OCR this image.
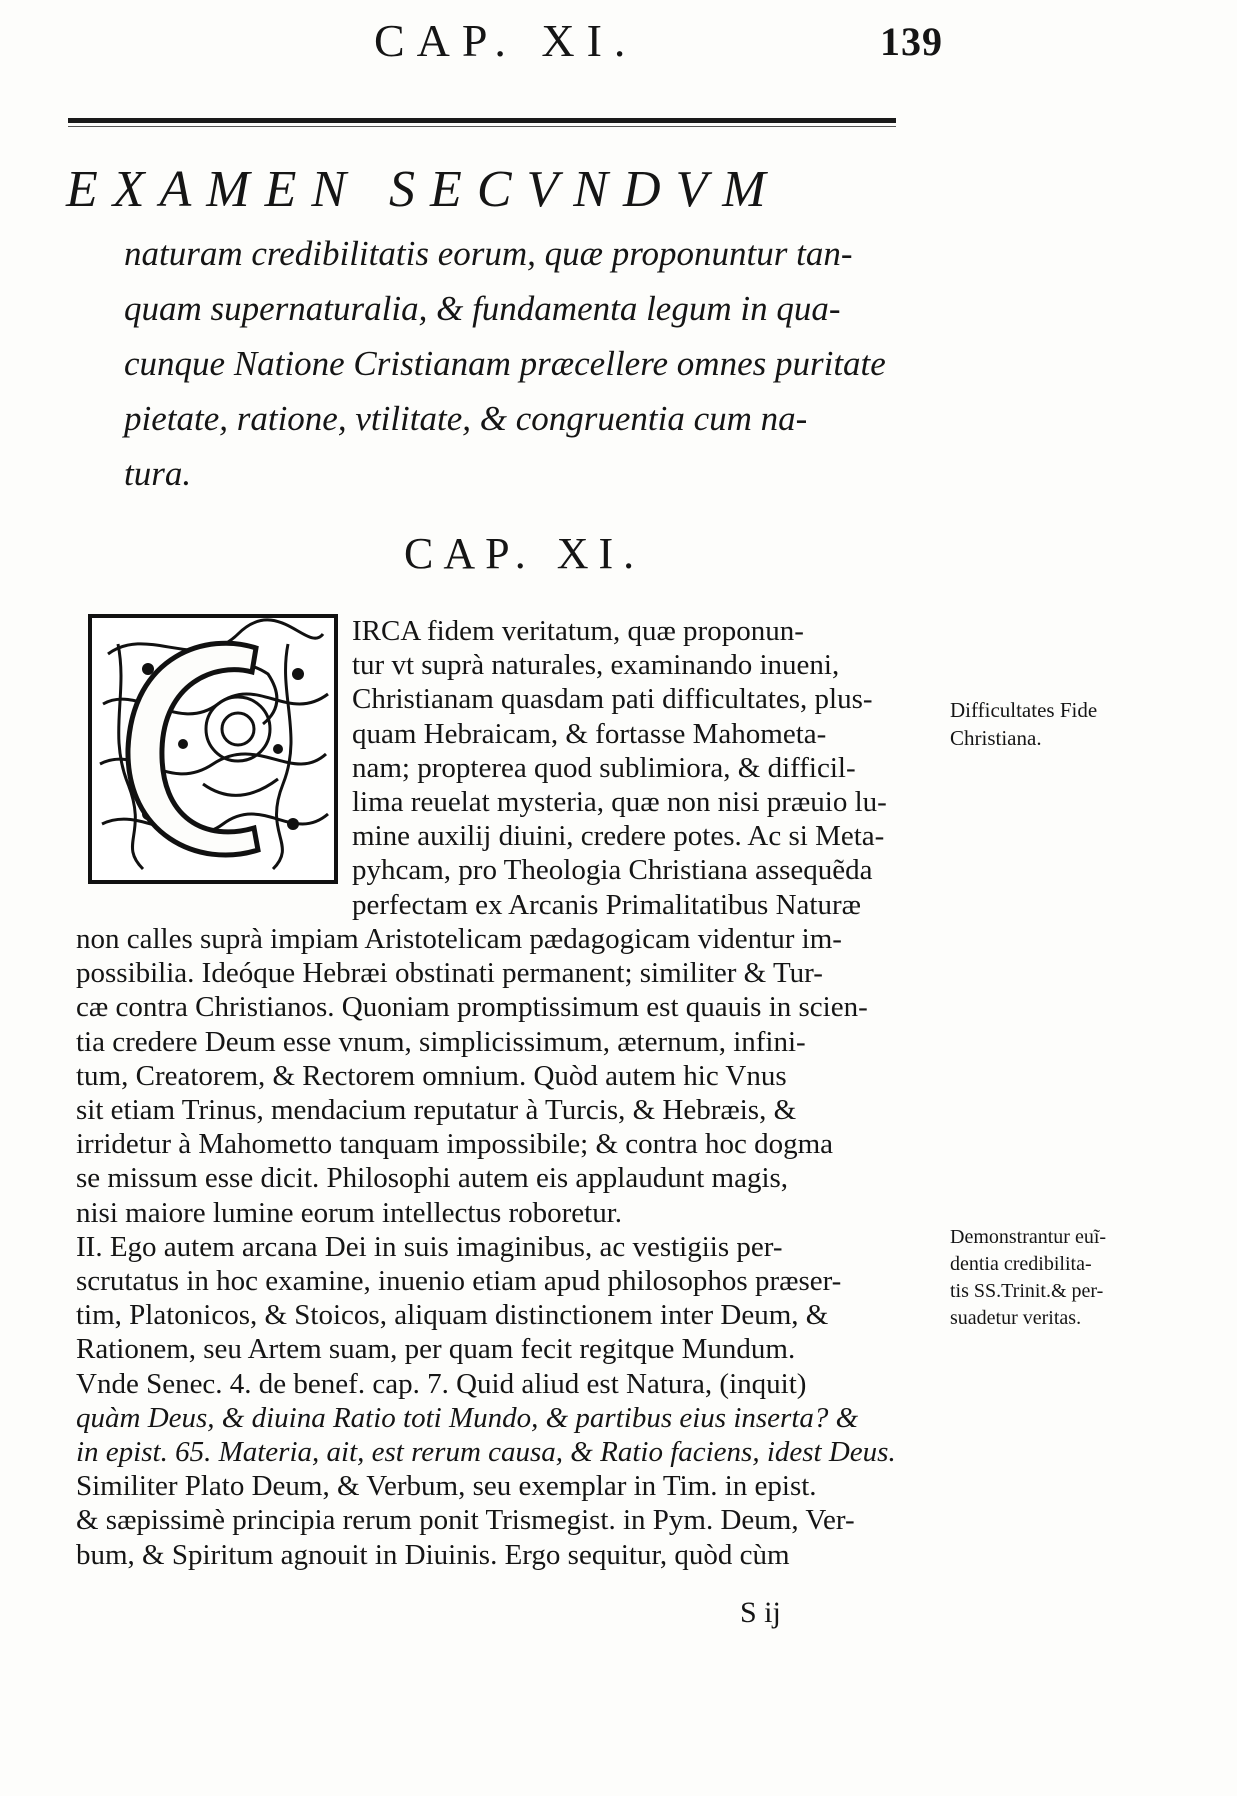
CAP. XI.	139
EXAMEN SECVNDVM
naturam credibilitatis eorum, quæ proponuntur tan-
quam supernaturalia, & fundamenta legum in qua-
cunque Natione Cristianam præcellere omnes puritate
pietate, ratione, vtilitate, & congruentia cum na-
tura.
CAP. XI.
IRCA fidem veritatum, quæ proponun-
tur vt suprà naturales, examinando inueni,
Christianam quasdam pati difficultates, plus-
quam Hebraicam, & fortasse Mahometa-
nam; propterea quod sublimiora, & difficil-
lima reuelat mysteria, quæ non nisi præuio lu-
mine auxilij diuini, credere potes. Ac si Meta-
pyhcam, pro Theologia Christiana assequẽda
perfectam ex Arcanis Primalitatibus Naturæ
non calles suprà impiam Aristotelicam pædagogicam videntur im-
possibilia. Ideóque Hebræi obstinati permanent; similiter & Tur-
cæ contra Christianos. Quoniam promptissimum est quauis in scien-
tia credere Deum esse vnum, simplicissimum, æternum, infini-
tum, Creatorem, & Rectorem omnium. Quòd autem hic Vnus
sit etiam Trinus, mendacium reputatur à Turcis, & Hebræis, &
irridetur à Mahometto tanquam impossibile; & contra hoc dogma
se missum esse dicit. Philosophi autem eis applaudunt magis,
nisi maiore lumine eorum intellectus roboretur.
II. Ego autem arcana Dei in suis imaginibus, ac vestigiis per-
scrutatus in hoc examine, inuenio etiam apud philosophos præser-
tim, Platonicos, & Stoicos, aliquam distinctionem inter Deum, &
Rationem, seu Artem suam, per quam fecit regitque Mundum.
Vnde Senec. 4. de benef. cap. 7. Quid aliud est Natura, (inquit)
quàm Deus, & diuina Ratio toti Mundo, & partibus eius inserta? &
in epist. 65. Materia, ait, est rerum causa, & Ratio faciens, idest Deus.
Similiter Plato Deum, & Verbum, seu exemplar in Tim. in epist.
& sæpissimè principia rerum ponit Trismegist. in Pym. Deum, Ver-
bum, & Spiritum agnouit in Diuinis. Ergo sequitur, quòd cùm
Difficultates Fide
Christiana.
Demonstrantur euĩ-
dentia credibilita-
tis SS.Trinit.& per-
suadetur veritas.
S ij
